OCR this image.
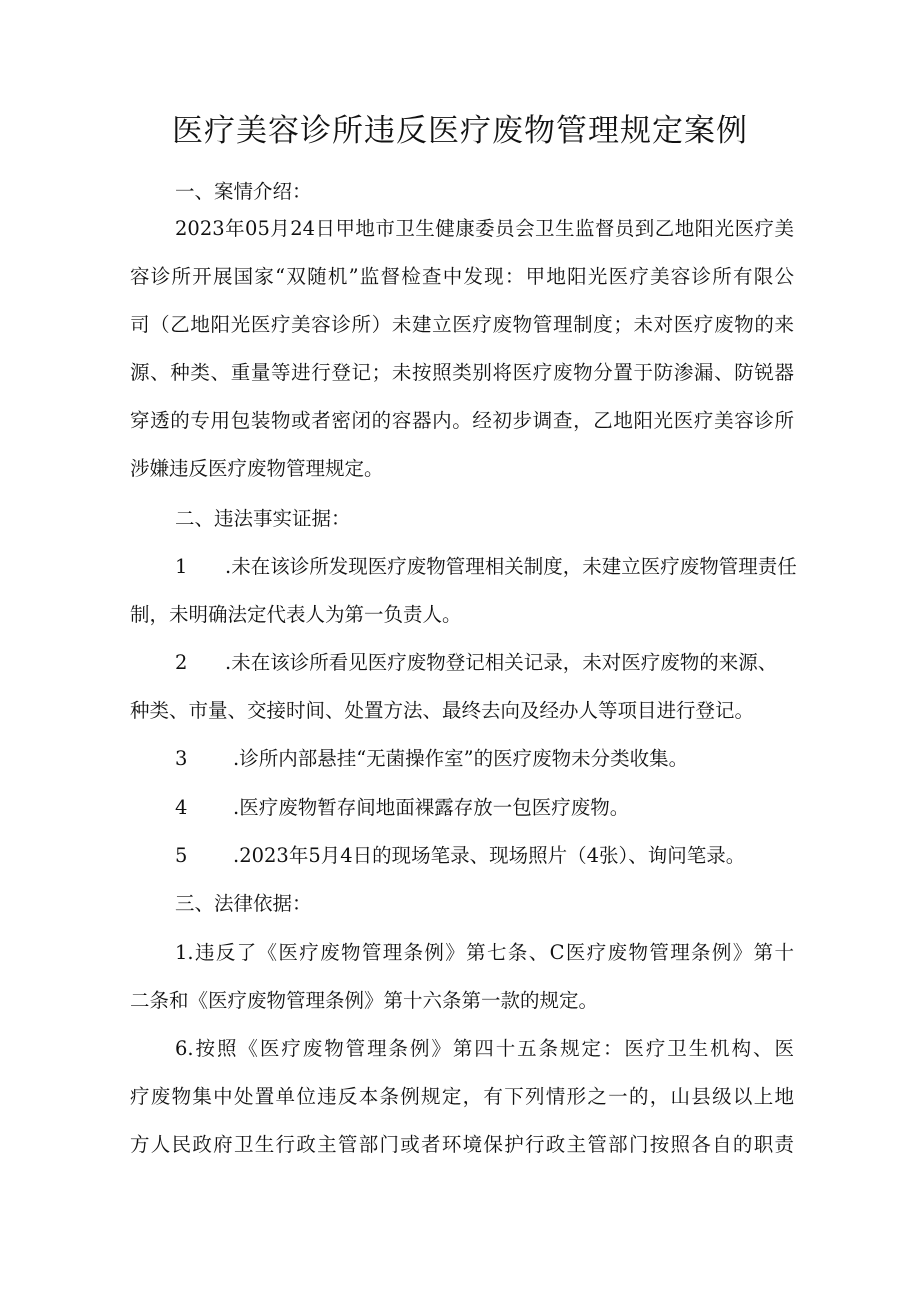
医疗美容诊所违反医疗废物管理规定案例

一、案情介绍：

2023年05月24日甲地市卫生健康委员会卫生监督员到乙地阳光医疗美
容诊所开展国家“双随机”监督检查中发现：甲地阳光医疗美容诊所有限公
司（乙地阳光医疗美容诊所）未建立医疗废物管理制度；未对医疗废物的来
源、种类、重量等进行登记；未按照类别将医疗废物分置于防渗漏、防锐器
穿透的专用包装物或者密闭的容器内。经初步调查，乙地阳光医疗美容诊所
涉嫌违反医疗废物管理规定。

二、违法事实证据：

1 .未在该诊所发现医疗废物管理相关制度，未建立医疗废物管理责任
制，未明确法定代表人为第一负责人。
2 .未在该诊所看见医疗废物登记相关记录，未对医疗废物的来源、
种类、市量、交接时间、处置方法、最终去向及经办人等项目进行登记。
3 .诊所内部悬挂“无菌操作室”的医疗废物未分类收集。
4 .医疗废物暂存间地面裸露存放一包医疗废物。
5 .2023年5月4日的现场笔录、现场照片（4张）、询问笔录。

三、法律依据：

1.违反了《医疗废物管理条例》第七条、C医疗废物管理条例》第十
二条和《医疗废物管理条例》第十六条第一款的规定。
6.按照《医疗废物管理条例》第四十五条规定：医疗卫生机构、医
疗废物集中处置单位违反本条例规定，有下列情形之一的，山县级以上地
方人民政府卫生行政主管部门或者环境保护行政主管部门按照各自的职责
